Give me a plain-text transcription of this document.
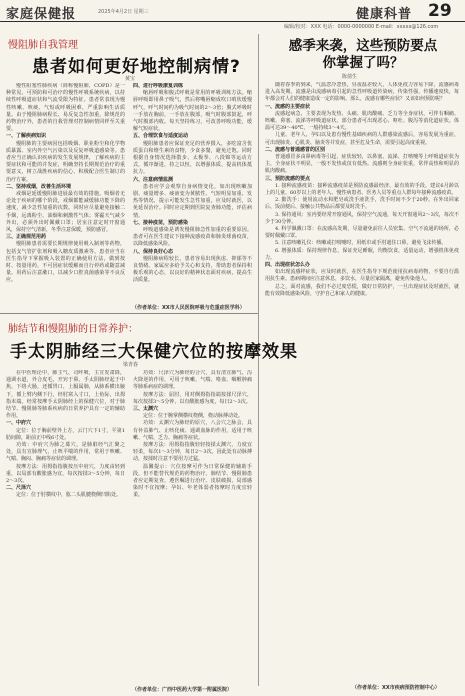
家庭保健报	2025年4月2日 星期三	健康科普 29
编辑/校对：XXX 电话：0000-0000000 E-mail：xxxxx@126.com
慢阻肺自我管理
患者如何更好地控制病情?
黄宝

慢性阻塞性肺疾病（简称慢阻肺，COPD）是一种常见、可预防和可治疗的慢性呼吸系统疾病，以持续性呼吸道症状和气流受限为特征。患者常表现为慢性咳嗽、咳痰、气短或呼吸困难，严重影响生活质量。由于慢阻肺病程长、易反复急性加重，除规范的药物治疗外，患者的自我管理对控制病情同样至关重要。

一、了解疾病知识

慢阻肺的主要病因包括吸烟、职业粉尘和化学物质暴露、室内外空气污染以及反复呼吸道感染等。患者应当正确认识疾病的发生发展规律，了解疾病的主要症状和可能的并发症，明确坚持长期规范治疗的重要意义，树立战胜疾病的信心，积极配合医生制订的治疗方案。

二、坚持戒烟，改善生活环境

戒烟是延缓慢阻肺进展最有效的措施。吸烟者无论处于疾病的哪个阶段，戒烟都能减缓肺功能下降的速度，减少急性加重的次数。同时应尽量避免接触二手烟，远离粉尘、油烟和刺激性气体；雾霾天气减少外出，必须外出时佩戴口罩；居室注意定时开窗通风，保持空气清新，冬季注意保暖，预防感冒。

三、正确规范用药

慢阻肺患者需要长期规律使用吸入制剂等药物，包括支气管扩张剂和吸入糖皮质激素等。患者应当在医生指导下掌握吸入装置的正确使用方法，做到按时、按量用药，不可因症状缓解而自行停药或随意减量。用药后注意漱口，以减少口腔真菌感染等不良反应。

四、进行呼吸康复训练

缩唇呼吸和腹式呼吸是常用的呼吸训练方法。缩唇呼吸即用鼻子吸气，然后将嘴唇缩成吹口哨状缓慢呼气，呼气时间约为吸气时间的2～3倍；腹式呼吸时一手放在胸前，一手放在腹部，吸气时腹部鼓起，呼气时腹部内收。每天坚持练习，可改善呼吸功能，缓解气短症状。

五、合理饮食与适度运动

慢阻肺患者应保证充足的营养摄入，多吃富含优质蛋白和维生素的食物，少食多餐，避免过饱。同时根据自身情况选择散步、太极拳、八段锦等运动方式，循序渐进，持之以恒，以增强体质、提高机体抵抗力。

六、注意病情监测

患者应学会观察自身病情变化，如出现咳嗽加剧、痰量增多、痰液变为黄脓性、气短明显加重、发热等情况，提示可能发生急性加重，应及时就医，以免延误治疗。同时应定期到医院复查肺功能，评估病情。

七、接种疫苗，预防感染

呼吸道感染是诱发慢阻肺急性加重的重要原因。患者可在医生建议下接种流感疫苗和肺炎球菌疫苗，以降低感染风险。

八、保持良好心态

慢阻肺病程较长，患者容易出现焦虑、抑郁等不良情绪。家属应多给予关心和支持，帮助患者保持积极乐观的心态，以良好的精神状态面对疾病，提高生活质量。

（作者单位：XX市人民医院呼吸与危重症医学科）
肺结节和慢阻肺的日常养护：
手太阴肺经三大保健穴位的按摩效果
梁青春

在中医理论中，肺主气、司呼吸，主宣发肃降，通调水道，外合皮毛，开窍于鼻。手太阴肺经起于中焦，下络大肠，还循胃口，上膈属肺，从肺系横出腋下，循上臂内侧下行，经肘窝入寸口，上鱼际，出拇指末端。经常按摩手太阴肺经上的保健穴位，对于肺结节、慢阻肺等肺系疾病的日常养护具有一定的辅助作用。

一、中府穴

定位：位于胸前壁外上方，云门穴下1寸，平第1肋间隙，距前正中线6寸处。

功效：中府穴为肺之募穴，是肺脏经气汇聚之处，具有宣肺理气、止咳平喘的作用，常用于咳嗽、气喘、胸闷、胸痛等症状的调理。

按摩方法：用拇指指腹按压中府穴，力度由轻到重，以局部有酸胀感为宜，每次按揉3～5分钟，每日2～3次。

二、尺泽穴

定位：位于肘横纹中，肱二头肌腱桡侧凹陷处。

功效：尺泽穴为肺经的合穴，具有清宣肺气、泻火降逆的作用，可用于咳嗽、气喘、咯血、咽喉肿痛等肺系病症的调理。

按摩方法：屈肘，用对侧拇指指端按揉尺泽穴，每次按揉3～5分钟，以有酸胀感为度，每日2～3次。

三、太渊穴

定位：位于腕掌侧横纹桡侧，桡动脉搏动处。

功效：太渊穴为肺经的原穴，八会穴之脉会，具有补益肺气、止咳化痰、通调血脉的作用，适用于咳嗽、气喘、乏力、胸痛等症状。

按摩方法：用拇指指腹轻轻按揉太渊穴，力度宜轻柔，每次1～3分钟，每日2～3次。因此处有动脉搏动，按揉时注意不要用力过猛。

温馨提示：穴位按摩可作为日常保健的辅助手段，但不能替代规范的药物治疗。肺结节、慢阻肺患者应定期复查，遵医嘱进行治疗。皮肤破损、局部感染时不宜按摩；孕妇、年老体弱者按摩时力度宜轻柔。

（作者单位：广西中医药大学第一附属医院）
感季来袭，这些预防要点
你掌握了吗？
陈倩生

随着春季的到来，气温忽冷忽热，昼夜温差较大，人体免疫力容易下降，流感病毒进入高发期。流感是由流感病毒引起的急性呼吸道传染病，传染性强，传播速度快，每年都会对人们的健康造成一定的影响。那么，流感有哪些症状？又该如何预防呢？

一、流感的主要症状

流感起病急，主要表现为发热、头痛、肌肉酸痛、乏力等全身症状，可伴有咽痛、咳嗽、鼻塞、流涕等呼吸道症状。部分患者可出现恶心、呕吐、腹泻等消化道症状。体温可达39～40℃，一般持续3～4天。

儿童、老年人、孕妇以及患有慢性基础疾病的人群感染流感后，容易发展为重症，可出现肺炎、心肌炎、脑炎等并发症，甚至危及生命，需要引起高度重视。

二、流感与普通感冒的区别

普通感冒多由鼻病毒等引起，症状较轻，以鼻塞、流涕、打喷嚏等上呼吸道症状为主，全身症状不明显，一般不发热或仅有低热。流感则全身症状重，常伴高热和明显的肌肉酸痛。

三、预防流感的要点

1. 接种流感疫苗：接种流感疫苗是预防流感最经济、最有效的手段。建议6月龄以上的儿童、60岁以上的老年人、慢性病患者、医务人员等重点人群每年接种流感疫苗。

2. 勤洗手：使用流动水和肥皂或洗手液洗手，洗手时间不少于20秒。在外出回家后、饭前便后、接触公共物品后都要及时洗手。

3. 保持通风：室内要经常开窗通风，保持空气流通，每天开窗通风2～3次，每次不少于30分钟。

4. 科学佩戴口罩：在流感高发期，尽量避免前往人员密集、空气不流通的场所，必要时佩戴口罩。

5. 注意咳嗽礼仪：咳嗽或打喷嚏时，用纸巾或手肘遮住口鼻，避免飞沫传播。

6. 增强体质：保持规律作息，保证充足睡眠，均衡饮食，适量运动，增强机体免疫力。

四、出现症状怎么办

如出现流感样症状，应及时就医，在医生指导下规范使用抗病毒药物，不要自行滥用抗生素。患病期间应注意休息，多饮水，尽量居家隔离，避免传染他人。

总之，面对流感，我们不必过度恐慌，做好日常防护，一旦出现症状及时就医，就能有效降低感染风险，守护自己和家人的健康。

（作者单位：XX市疾病预防控制中心）
